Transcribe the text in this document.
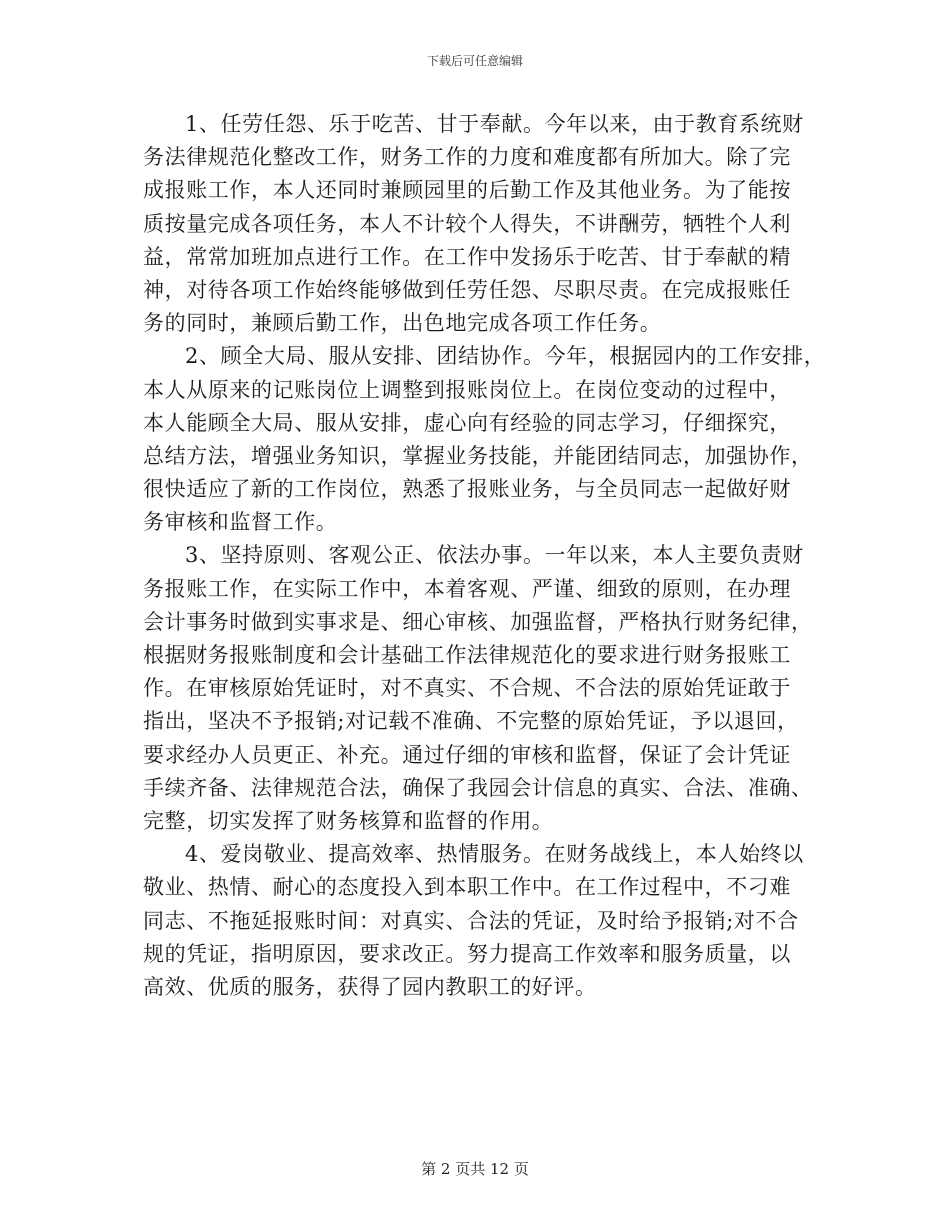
下载后可任意编辑
1、任劳任怨、乐于吃苦、甘于奉献。今年以来，由于教育系统财
务法律规范化整改工作，财务工作的力度和难度都有所加大。除了完
成报账工作，本人还同时兼顾园里的后勤工作及其他业务。为了能按
质按量完成各项任务，本人不计较个人得失，不讲酬劳，牺牲个人利
益，常常加班加点进行工作。在工作中发扬乐于吃苦、甘于奉献的精
神，对待各项工作始终能够做到任劳任怨、尽职尽责。在完成报账任
务的同时，兼顾后勤工作，出色地完成各项工作任务。
2、顾全大局、服从安排、团结协作。今年，根据园内的工作安排，
本人从原来的记账岗位上调整到报账岗位上。在岗位变动的过程中，
本人能顾全大局、服从安排，虚心向有经验的同志学习，仔细探究，
总结方法，增强业务知识，掌握业务技能，并能团结同志，加强协作，
很快适应了新的工作岗位，熟悉了报账业务，与全员同志一起做好财
务审核和监督工作。
3、坚持原则、客观公正、依法办事。一年以来，本人主要负责财
务报账工作，在实际工作中，本着客观、严谨、细致的原则，在办理
会计事务时做到实事求是、细心审核、加强监督，严格执行财务纪律，
根据财务报账制度和会计基础工作法律规范化的要求进行财务报账工
作。在审核原始凭证时，对不真实、不合规、不合法的原始凭证敢于
指出，坚决不予报销;对记载不准确、不完整的原始凭证，予以退回，
要求经办人员更正、补充。通过仔细的审核和监督，保证了会计凭证
手续齐备、法律规范合法，确保了我园会计信息的真实、合法、准确、
完整，切实发挥了财务核算和监督的作用。
4、爱岗敬业、提高效率、热情服务。在财务战线上，本人始终以
敬业、热情、耐心的态度投入到本职工作中。在工作过程中，不刁难
同志、不拖延报账时间：对真实、合法的凭证，及时给予报销;对不合
规的凭证，指明原因，要求改正。努力提高工作效率和服务质量，以
高效、优质的服务，获得了园内教职工的好评。
第 2 页共 12 页
